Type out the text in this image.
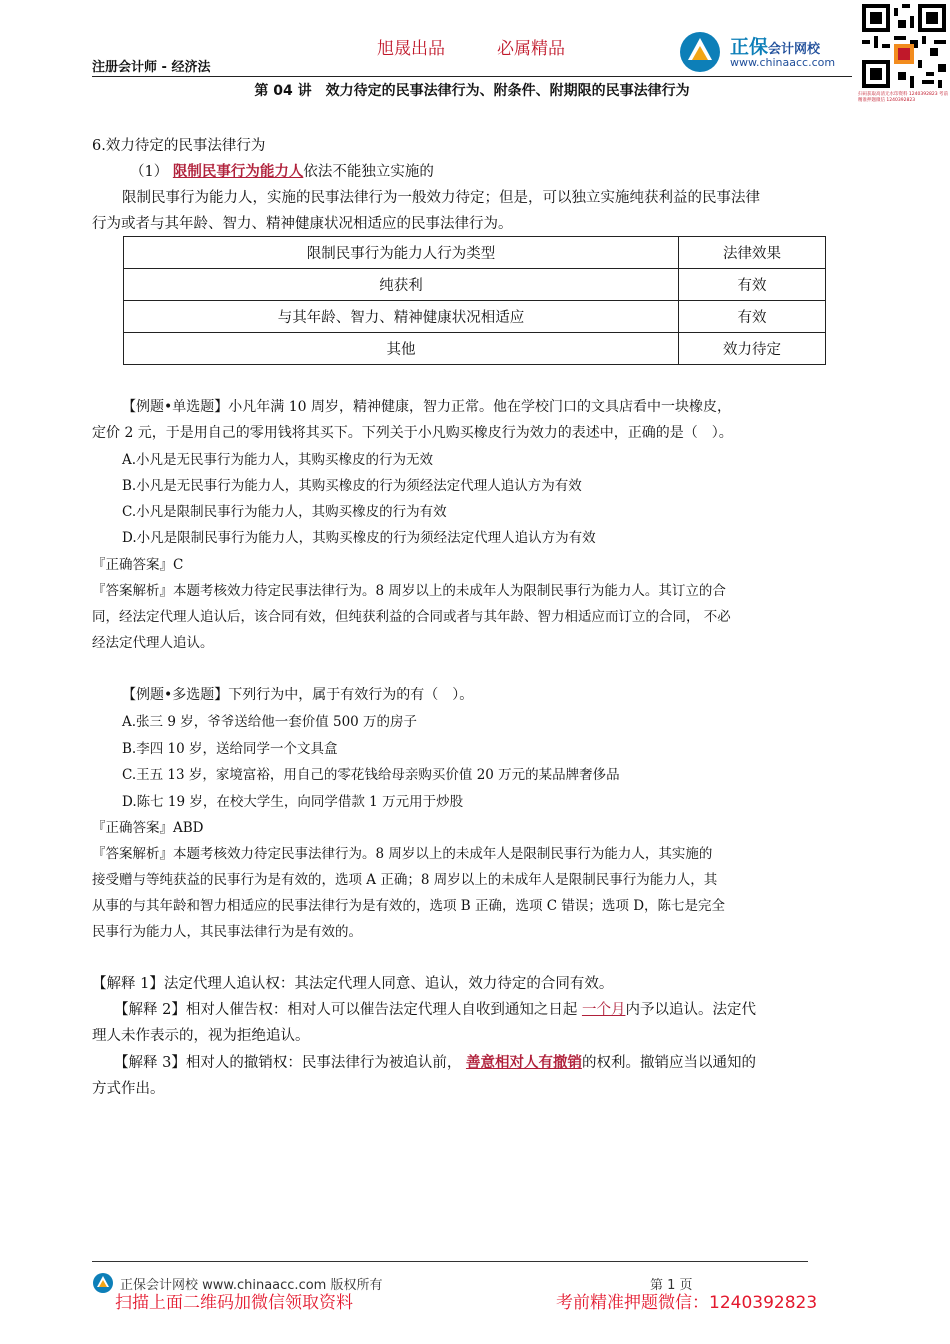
旭晟出品	必属精品
注册会计师 - 经济法
正保会计网校
www.chinaacc.com
扫码获取高清无水印资料 1240392823 考前精准押题微信 1240392823
第 04 讲　效力待定的民事法律行为、附条件、附期限的民事法律行为
6.效力待定的民事法律行为
（1） 限制民事行为能力人依法不能独立实施的
限制民事行为能力人，实施的民事法律行为一般效力待定；但是，可以独立实施纯获利益的民事法律
行为或者与其年龄、智力、精神健康状况相适应的民事法律行为。
限制民事行为能力人行为类型	法律效果
纯获利	有效
与其年龄、智力、精神健康状况相适应	有效
其他	效力待定
【例题•单选题】小凡年满 10 周岁，精神健康，智力正常。他在学校门口的文具店看中一块橡皮，
定价 2 元，于是用自己的零用钱将其买下。下列关于小凡购买橡皮行为效力的表述中，正确的是（　）。
A.小凡是无民事行为能力人，其购买橡皮的行为无效
B.小凡是无民事行为能力人，其购买橡皮的行为须经法定代理人追认方为有效
C.小凡是限制民事行为能力人，其购买橡皮的行为有效
D.小凡是限制民事行为能力人，其购买橡皮的行为须经法定代理人追认方为有效
『正确答案』C
『答案解析』本题考核效力待定民事法律行为。8 周岁以上的未成年人为限制民事行为能力人。其订立的合
同，经法定代理人追认后，该合同有效，但纯获利益的合同或者与其年龄、智力相适应而订立的合同， 不必
经法定代理人追认。
【例题•多选题】下列行为中，属于有效行为的有（　）。
A.张三 9 岁，爷爷送给他一套价值 500 万的房子
B.李四 10 岁，送给同学一个文具盒
C.王五 13 岁，家境富裕，用自己的零花钱给母亲购买价值 20 万元的某品牌奢侈品
D.陈七 19 岁，在校大学生，向同学借款 1 万元用于炒股
『正确答案』ABD
『答案解析』本题考核效力待定民事法律行为。8 周岁以上的未成年人是限制民事行为能力人，其实施的
接受赠与等纯获益的民事行为是有效的，选项 A 正确；8 周岁以上的未成年人是限制民事行为能力人，其
从事的与其年龄和智力相适应的民事法律行为是有效的，选项 B 正确，选项 C 错误；选项 D，陈七是完全
民事行为能力人，其民事法律行为是有效的。
【解释 1】法定代理人追认权：其法定代理人同意、追认，效力待定的合同有效。
【解释 2】相对人催告权：相对人可以催告法定代理人自收到通知之日起 一个月内予以追认。法定代
理人未作表示的，视为拒绝追认。
【解释 3】相对人的撤销权：民事法律行为被追认前， 善意相对人有撤销的权利。撤销应当以通知的
方式作出。
正保会计网校 www.chinaacc.com 版权所有	第 1 页
扫描上面二维码加微信领取资料	考前精准押题微信：1240392823
